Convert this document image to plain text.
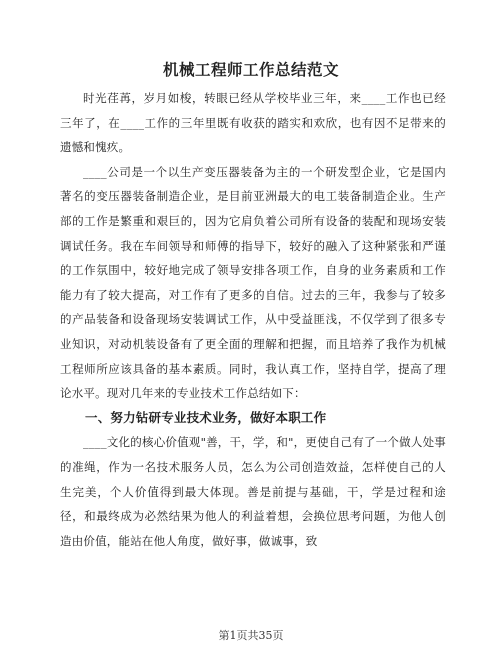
机械工程师工作总结范文

时光荏苒，岁月如梭，转眼已经从学校毕业三年，来____工作也已经三年了，在____工作的三年里既有收获的踏实和欢欣，也有因不足带来的遗憾和愧疚。

____公司是一个以生产变压器装备为主的一个研发型企业，它是国内著名的变压器装备制造企业，是目前亚洲最大的电工装备制造企业。生产部的工作是繁重和艰巨的，因为它肩负着公司所有设备的装配和现场安装调试任务。我在车间领导和师傅的指导下，较好的融入了这种紧张和严谨的工作氛围中，较好地完成了领导安排各项工作，自身的业务素质和工作能力有了较大提高，对工作有了更多的自信。过去的三年，我参与了较多的产品装备和设备现场安装调试工作，从中受益匪浅，不仅学到了很多专业知识，对动机装设备有了更全面的理解和把握，而且培养了我作为机械工程师所应该具备的基本素质。同时，我认真工作，坚持自学，提高了理论水平。现对几年来的专业技术工作总结如下：

一、努力钻研专业技术业务，做好本职工作

____文化的核心价值观"善，干，学，和"，更使自己有了一个做人处事的准绳，作为一名技术服务人员，怎么为公司创造效益，怎样使自己的人生完美，个人价值得到最大体现。善是前提与基础，干，学是过程和途径，和最终成为必然结果为他人的利益着想，会换位思考问题，为他人创造由价值，能站在他人角度，做好事，做诚事，致

第1页共35页
